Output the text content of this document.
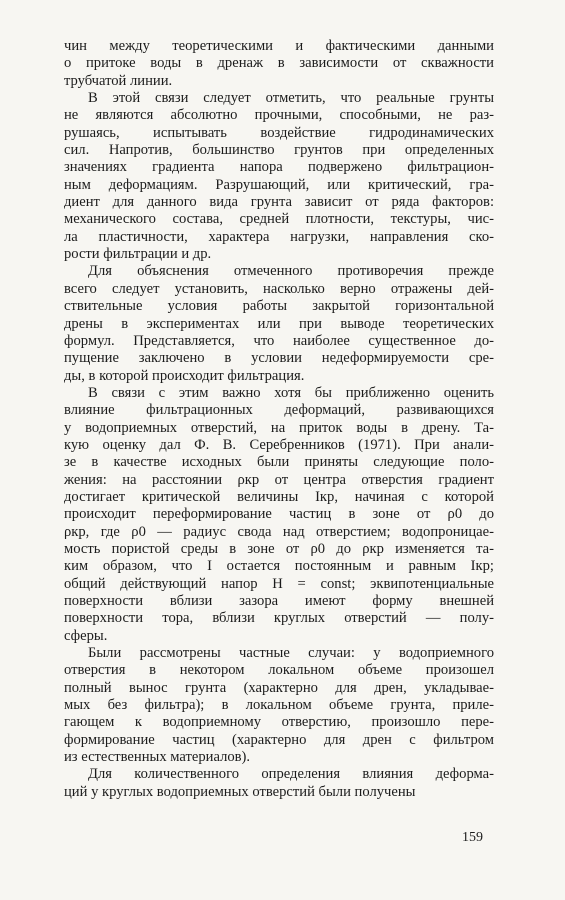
чин между теоретическими и фактическими данными
о притоке воды в дренаж в зависимости от скважности
трубчатой линии.
В этой связи следует отметить, что реальные грунты
не являются абсолютно прочными, способными, не раз-
рушаясь, испытывать воздействие гидродинамических
сил. Напротив, большинство грунтов при определенных
значениях градиента напора подвержено фильтрацион-
ным деформациям. Разрушающий, или критический, гра-
диент для данного вида грунта зависит от ряда факторов:
механического состава, средней плотности, текстуры, чис-
ла пластичности, характера нагрузки, направления ско-
рости фильтрации и др.
Для объяснения отмеченного противоречия прежде
всего следует установить, насколько верно отражены дей-
ствительные условия работы закрытой горизонтальной
дрены в экспериментах или при выводе теоретических
формул. Представляется, что наиболее существенное до-
пущение заключено в условии недеформируемости сре-
ды, в которой происходит фильтрация.
В связи с этим важно хотя бы приближенно оценить
влияние фильтрационных деформаций, развивающихся
у водоприемных отверстий, на приток воды в дрену. Та-
кую оценку дал Ф. В. Серебренников (1971). При анали-
зе в качестве исходных были приняты следующие поло-
жения: на расстоянии ρкр от центра отверстия градиент
достигает критической величины Iкр, начиная с которой
происходит переформирование частиц в зоне от ρ0 до
ρкр, где ρ0 — радиус свода над отверстием; водопроницае-
мость пористой среды в зоне от ρ0 до ρкр изменяется та-
ким образом, что I остается постоянным и равным Iкр;
общий действующий напор H = const; эквипотенциальные
поверхности вблизи зазора имеют форму внешней
поверхности тора, вблизи круглых отверстий — полу-
сферы.
Были рассмотрены частные случаи: у водоприемного
отверстия в некотором локальном объеме произошел
полный вынос грунта (характерно для дрен, укладывае-
мых без фильтра); в локальном объеме грунта, приле-
гающем к водоприемному отверстию, произошло пере-
формирование частиц (характерно для дрен с фильтром
из естественных материалов).
Для количественного определения влияния деформа-
ций у круглых водоприемных отверстий были получены
159
